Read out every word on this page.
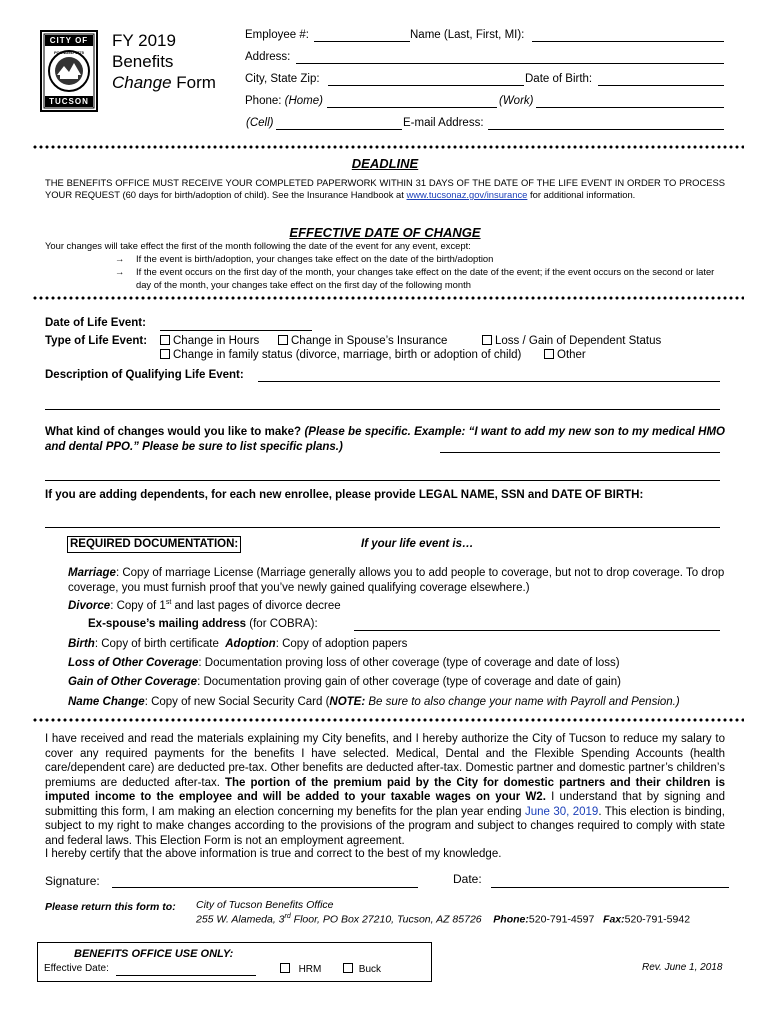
CITY OF
TUCSON
FOUNDED 1775
FY 2019
Benefits
Change Form
Employee #:	Name (Last, First, MI):
Address:
City, State Zip:	Date of Birth:
Phone: (Home)	(Work)
(Cell)	E-mail Address:
DEADLINE
THE BENEFITS OFFICE MUST RECEIVE YOUR COMPLETED PAPERWORK WITHIN 31 DAYS OF THE DATE OF THE LIFE EVENT IN ORDER TO PROCESS YOUR REQUEST (60 days for birth/adoption of child). See the Insurance Handbook at www.tucsonaz.gov/insurance for additional information.
EFFECTIVE DATE OF CHANGE
Your changes will take effect the first of the month following the date of the event for any event, except:
→ If the event is birth/adoption, your changes take effect on the date of the birth/adoption
→ If the event occurs on the first day of the month, your changes take effect on the date of the event; if the event occurs on the second or later day of the month, your changes take effect on the first day of the following month
Date of Life Event:
Type of Life Event:	Change in Hours	Change in Spouse’s Insurance	Loss / Gain of Dependent Status
Change in family status (divorce, marriage, birth or adoption of child)	Other
Description of Qualifying Life Event:
What kind of changes would you like to make? (Please be specific. Example: “I want to add my new son to my medical HMO and dental PPO.” Please be sure to list specific plans.)
If you are adding dependents, for each new enrollee, please provide LEGAL NAME, SSN and DATE OF BIRTH:
REQUIRED DOCUMENTATION:	If your life event is…
Marriage: Copy of marriage License (Marriage generally allows you to add people to coverage, but not to drop coverage. To drop coverage, you must furnish proof that you’ve newly gained qualifying coverage elsewhere.)
Divorce: Copy of 1st and last pages of divorce decree
Ex-spouse’s mailing address (for COBRA):
Birth: Copy of birth certificate Adoption: Copy of adoption papers
Loss of Other Coverage: Documentation proving loss of other coverage (type of coverage and date of loss)
Gain of Other Coverage: Documentation proving gain of other coverage (type of coverage and date of gain)
Name Change: Copy of new Social Security Card (NOTE: Be sure to also change your name with Payroll and Pension.)
I have received and read the materials explaining my City benefits, and I hereby authorize the City of Tucson to reduce my salary to cover any required payments for the benefits I have selected. Medical, Dental and the Flexible Spending Accounts (health care/dependent care) are deducted pre-tax. Other benefits are deducted after-tax. Domestic partner and domestic partner’s children’s premiums are deducted after-tax. The portion of the premium paid by the City for domestic partners and their children is imputed income to the employee and will be added to your taxable wages on your W2. I understand that by signing and submitting this form, I am making an election concerning my benefits for the plan year ending June 30, 2019. This election is binding, subject to my right to make changes according to the provisions of the program and subject to changes required to comply with state and federal laws. This Election Form is not an employment agreement.
I hereby certify that the above information is true and correct to the best of my knowledge.
Signature:	Date:
Please return this form to: City of Tucson Benefits Office
255 W. Alameda, 3rd Floor, PO Box 27210, Tucson, AZ 85726 Phone:520-791-4597 Fax:520-791-5942
BENEFITS OFFICE USE ONLY:
Effective Date:	HRM	Buck	Rev. June 1, 2018
